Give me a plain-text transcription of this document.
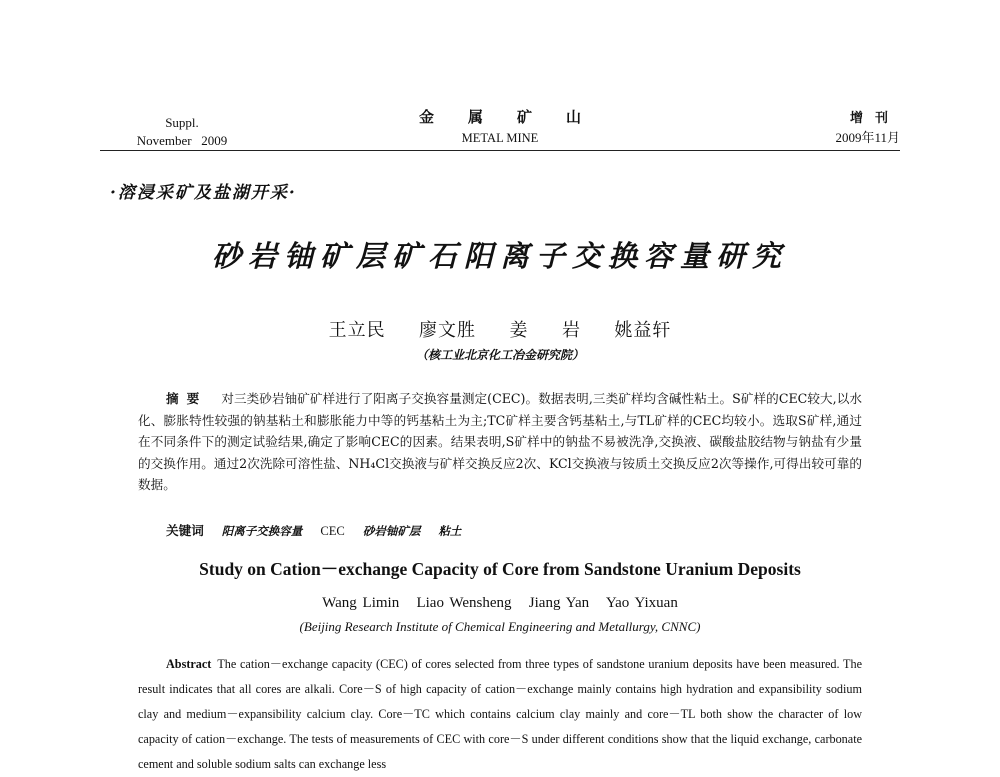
Suppl.
November   2009
金属矿山
METAL MINE
增刊
2009年11月
·溶浸采矿及盐湖开采·
砂岩铀矿层矿石阳离子交换容量研究
王立民  廖文胜  姜  岩  姚益轩
（核工业北京化工冶金研究院）
摘要 对三类砂岩铀矿矿样进行了阳离子交换容量测定(CEC)。数据表明,三类矿样均含碱性粘土。S矿样的CEC较大,以水化、膨胀特性较强的钠基粘土和膨胀能力中等的钙基粘土为主;TC矿样主要含钙基粘土,与TL矿样的CEC均较小。选取S矿样,通过在不同条件下的测定试验结果,确定了影响CEC的因素。结果表明,S矿样中的钠盐不易被洗净,交换液、碳酸盐胶结物与钠盐有少量的交换作用。通过2次洗除可溶性盐、NH₄Cl交换液与矿样交换反应2次、KCl交换液与铵质土交换反应2次等操作,可得出较可靠的数据。
关键词 阳离子交换容量 CEC 砂岩铀矿层 粘土
Study on Cation－exchange Capacity of Core from Sandstone Uranium Deposits
Wang Limin   Liao Wensheng   Jiang Yan   Yao Yixuan
(Beijing Research Institute of Chemical Engineering and Metallurgy, CNNC)
Abstract The cation－exchange capacity (CEC) of cores selected from three types of sandstone uranium deposits have been measured. The result indicates that all cores are alkali. Core－S of high capacity of cation－exchange mainly contains high hydration and expansibility sodium clay and medium－expansibility calcium clay. Core－TC which contains calcium clay mainly and core－TL both show the character of low capacity of cation－exchange. The tests of measurements of CEC with core－S under different conditions show that the liquid exchange, carbonate cement and soluble sodium salts can exchange less
